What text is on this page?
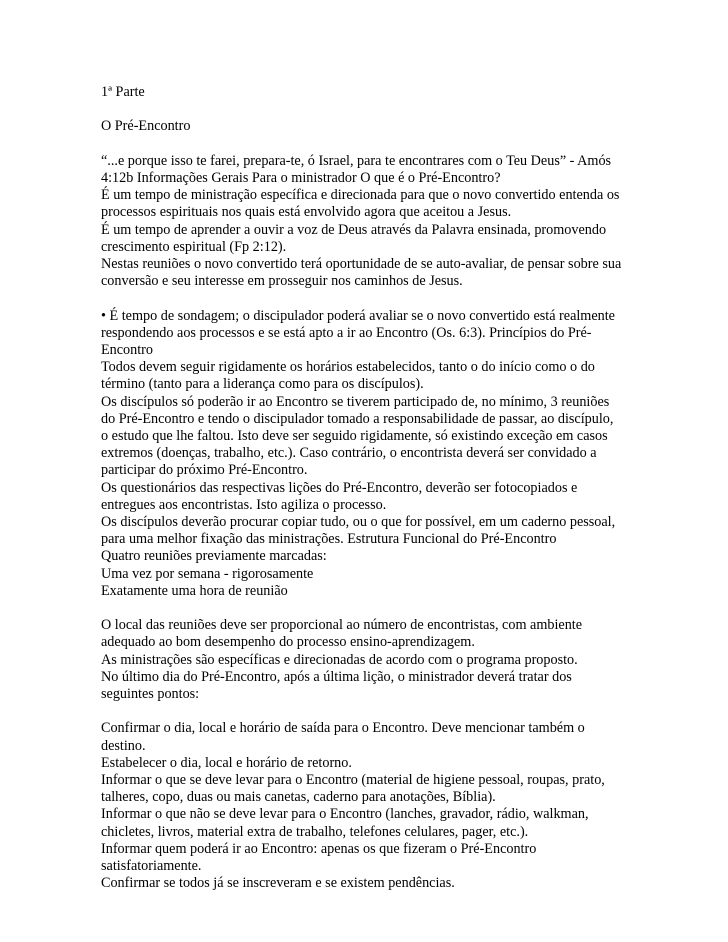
1ª Parte
O Pré-Encontro
“...e porque isso te farei, prepara-te, ó Israel, para te encontrares com o Teu Deus” - Amós
4:12b Informações Gerais Para o ministrador O que é o Pré-Encontro?
É um tempo de ministração específica e direcionada para que o novo convertido entenda os
processos espirituais nos quais está envolvido agora que aceitou a Jesus.
É um tempo de aprender a ouvir a voz de Deus através da Palavra ensinada, promovendo
crescimento espiritual (Fp 2:12).
Nestas reuniões o novo convertido terá oportunidade de se auto-avaliar, de pensar sobre sua
conversão e seu interesse em prosseguir nos caminhos de Jesus.
• É tempo de sondagem; o discipulador poderá avaliar se o novo convertido está realmente
respondendo aos processos e se está apto a ir ao Encontro (Os. 6:3). Princípios do Pré-
Encontro
Todos devem seguir rigidamente os horários estabelecidos, tanto o do início como o do
término (tanto para a liderança como para os discípulos).
Os discípulos só poderão ir ao Encontro se tiverem participado de, no mínimo, 3 reuniões
do Pré-Encontro e tendo o discipulador tomado a responsabilidade de passar, ao discípulo,
o estudo que lhe faltou. Isto deve ser seguido rigidamente, só existindo exceção em casos
extremos (doenças, trabalho, etc.). Caso contrário, o encontrista deverá ser convidado a
participar do próximo Pré-Encontro.
Os questionários das respectivas lições do Pré-Encontro, deverão ser fotocopiados e
entregues aos encontristas. Isto agiliza o processo.
Os discípulos deverão procurar copiar tudo, ou o que for possível, em um caderno pessoal,
para uma melhor fixação das ministrações. Estrutura Funcional do Pré-Encontro
Quatro reuniões previamente marcadas:
Uma vez por semana - rigorosamente
Exatamente uma hora de reunião
O local das reuniões deve ser proporcional ao número de encontristas, com ambiente
adequado ao bom desempenho do processo ensino-aprendizagem.
As ministrações são específicas e direcionadas de acordo com o programa proposto.
No último dia do Pré-Encontro, após a última lição, o ministrador deverá tratar dos
seguintes pontos:
Confirmar o dia, local e horário de saída para o Encontro. Deve mencionar também o
destino.
Estabelecer o dia, local e horário de retorno.
Informar o que se deve levar para o Encontro (material de higiene pessoal, roupas, prato,
talheres, copo, duas ou mais canetas, caderno para anotações, Bíblia).
Informar o que não se deve levar para o Encontro (lanches, gravador, rádio, walkman,
chicletes, livros, material extra de trabalho, telefones celulares, pager, etc.).
Informar quem poderá ir ao Encontro: apenas os que fizeram o Pré-Encontro
satisfatoriamente.
Confirmar se todos já se inscreveram e se existem pendências.
